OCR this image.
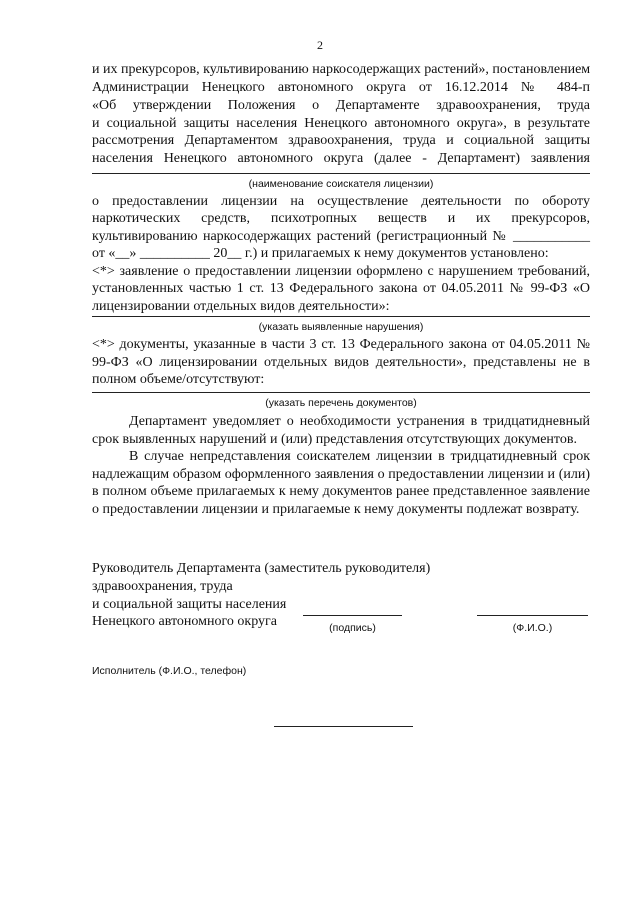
2
и их прекурсоров, культивированию наркосодержащих растений», постановлением
Администрации Ненецкого автономного округа от 16.12.2014 № 484-п
«Об утверждении Положения о Департаменте здравоохранения, труда
и социальной защиты населения Ненецкого автономного округа», в результате
рассмотрения Департаментом здравоохранения, труда и социальной защиты
населения Ненецкого автономного округа (далее - Департамент) заявления
(наименование соискателя лицензии)
о предоставлении лицензии на осуществление деятельности по обороту
наркотических средств, психотропных веществ и их прекурсоров,
культивированию наркосодержащих растений (регистрационный № ___________
от «__» __________ 20__ г.) и прилагаемых к нему документов установлено:
<*> заявление о предоставлении лицензии оформлено с нарушением требований,
установленных частью 1 ст. 13 Федерального закона от 04.05.2011 № 99-ФЗ «О
лицензировании отдельных видов деятельности»:
(указать выявленные нарушения)
<*> документы, указанные в части 3 ст. 13 Федерального закона от 04.05.2011 №
99-ФЗ «О лицензировании отдельных видов деятельности», представлены не в
полном объеме/отсутствуют:
(указать перечень документов)
Департамент уведомляет о необходимости устранения в тридцатидневный
срок выявленных нарушений и (или) представления отсутствующих документов.
В случае непредставления соискателем лицензии в тридцатидневный срок
надлежащим образом оформленного заявления о предоставлении лицензии и (или)
в полном объеме прилагаемых к нему документов ранее представленное заявление
о предоставлении лицензии и прилагаемые к нему документы подлежат возврату.
Руководитель Департамента (заместитель руководителя)
здравоохранения, труда
и социальной защиты населения
Ненецкого автономного округа	(подпись)	(Ф.И.О.)
Исполнитель (Ф.И.О., телефон)
